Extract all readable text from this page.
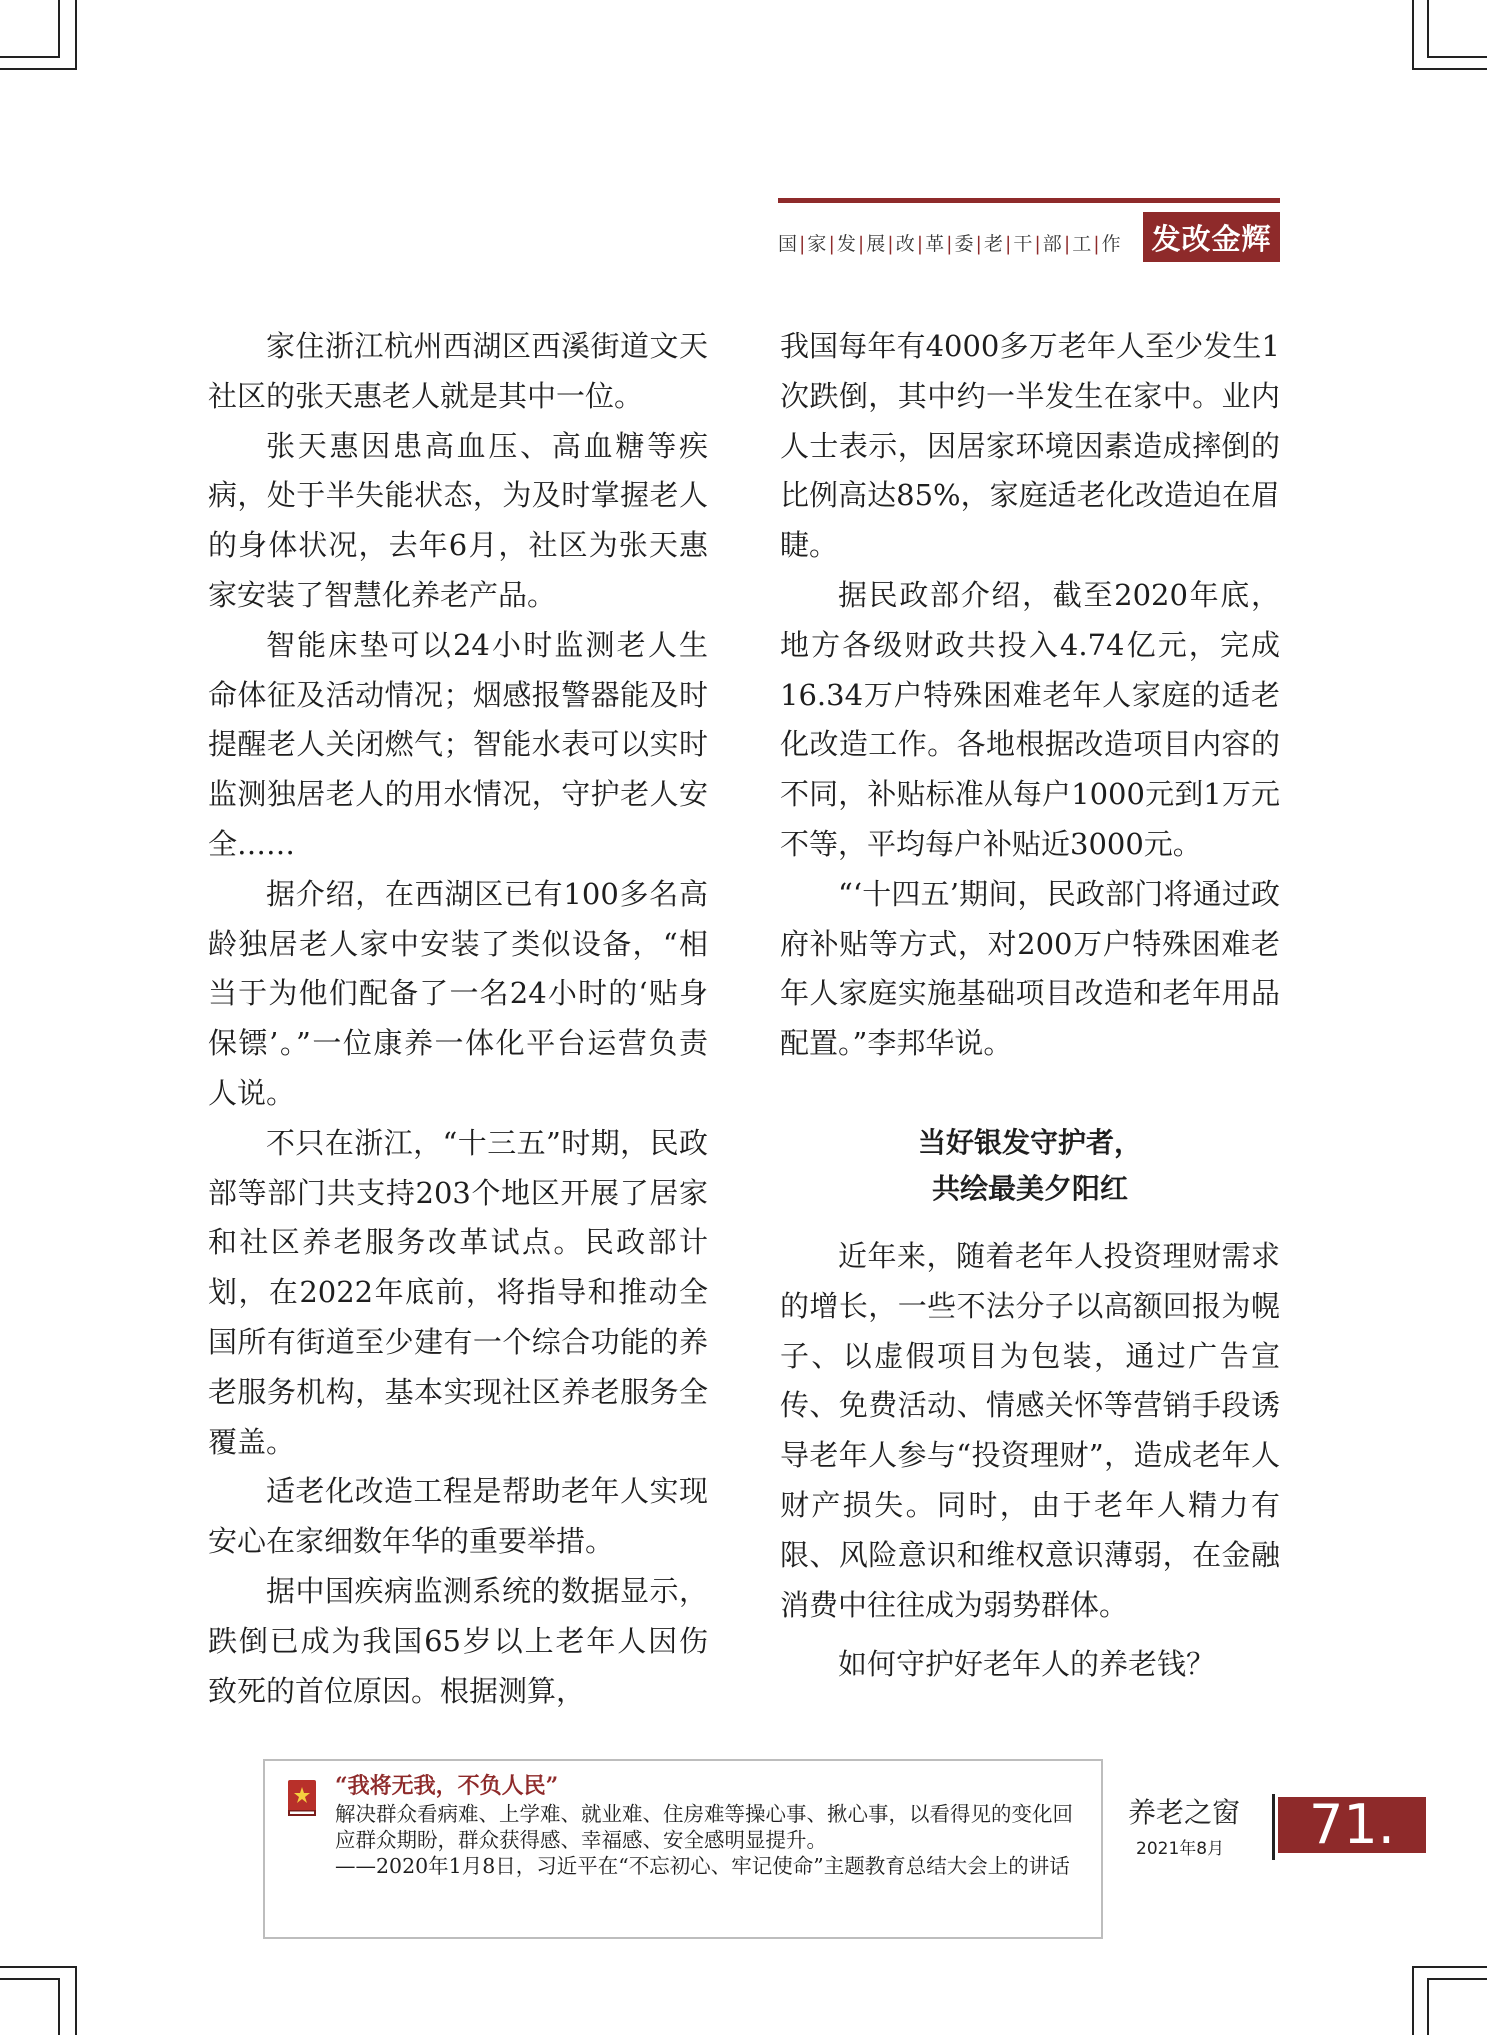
国 | 家 | 发 | 展 | 改 | 革 | 委 | 老 | 干 | 部 | 工 | 作 发改金辉

家住浙江杭州西湖区西溪街道文天社区的张天惠老人就是其中一位。

张天惠因患高血压、高血糖等疾病，处于半失能状态，为及时掌握老人的身体状况，去年6月，社区为张天惠家安装了智慧化养老产品。

智能床垫可以24小时监测老人生命体征及活动情况；烟感报警器能及时提醒老人关闭燃气；智能水表可以实时监测独居老人的用水情况，守护老人安全……

据介绍，在西湖区已有100多名高龄独居老人家中安装了类似设备，“相当于为他们配备了一名24小时的‘贴身保镖’。”一位康养一体化平台运营负责人说。

不只在浙江，“十三五”时期，民政部等部门共支持203个地区开展了居家和社区养老服务改革试点。民政部计划，在2022年底前，将指导和推动全国所有街道至少建有一个综合功能的养老服务机构，基本实现社区养老服务全覆盖。

适老化改造工程是帮助老年人实现安心在家细数年华的重要举措。

据中国疾病监测系统的数据显示，跌倒已成为我国65岁以上老年人因伤致死的首位原因。根据测算，

我国每年有4000多万老年人至少发生1次跌倒，其中约一半发生在家中。业内人士表示，因居家环境因素造成摔倒的比例高达85%，家庭适老化改造迫在眉睫。

据民政部介绍，截至2020年底，地方各级财政共投入4.74亿元，完成16.34万户特殊困难老年人家庭的适老化改造工作。各地根据改造项目内容的不同，补贴标准从每户1000元到1万元不等，平均每户补贴近3000元。

“‘十四五’期间，民政部门将通过政府补贴等方式，对200万户特殊困难老年人家庭实施基础项目改造和老年用品配置。”李邦华说。

当好银发守护者，
共绘最美夕阳红

近年来，随着老年人投资理财需求的增长，一些不法分子以高额回报为幌子、以虚假项目为包装，通过广告宣传、免费活动、情感关怀等营销手段诱导老年人参与“投资理财”，造成老年人财产损失。同时，由于老年人精力有限、风险意识和维权意识薄弱，在金融消费中往往成为弱势群体。

如何守护好老年人的养老钱？

“我将无我，不负人民”

解决群众看病难、上学难、就业难、住房难等操心事、揪心事，以看得见的变化回应群众期盼，群众获得感、幸福感、安全感明显提升。

——2020年1月8日，习近平在“不忘初心、牢记使命”主题教育总结大会上的讲话

养老之窗
2021年8月	71.
